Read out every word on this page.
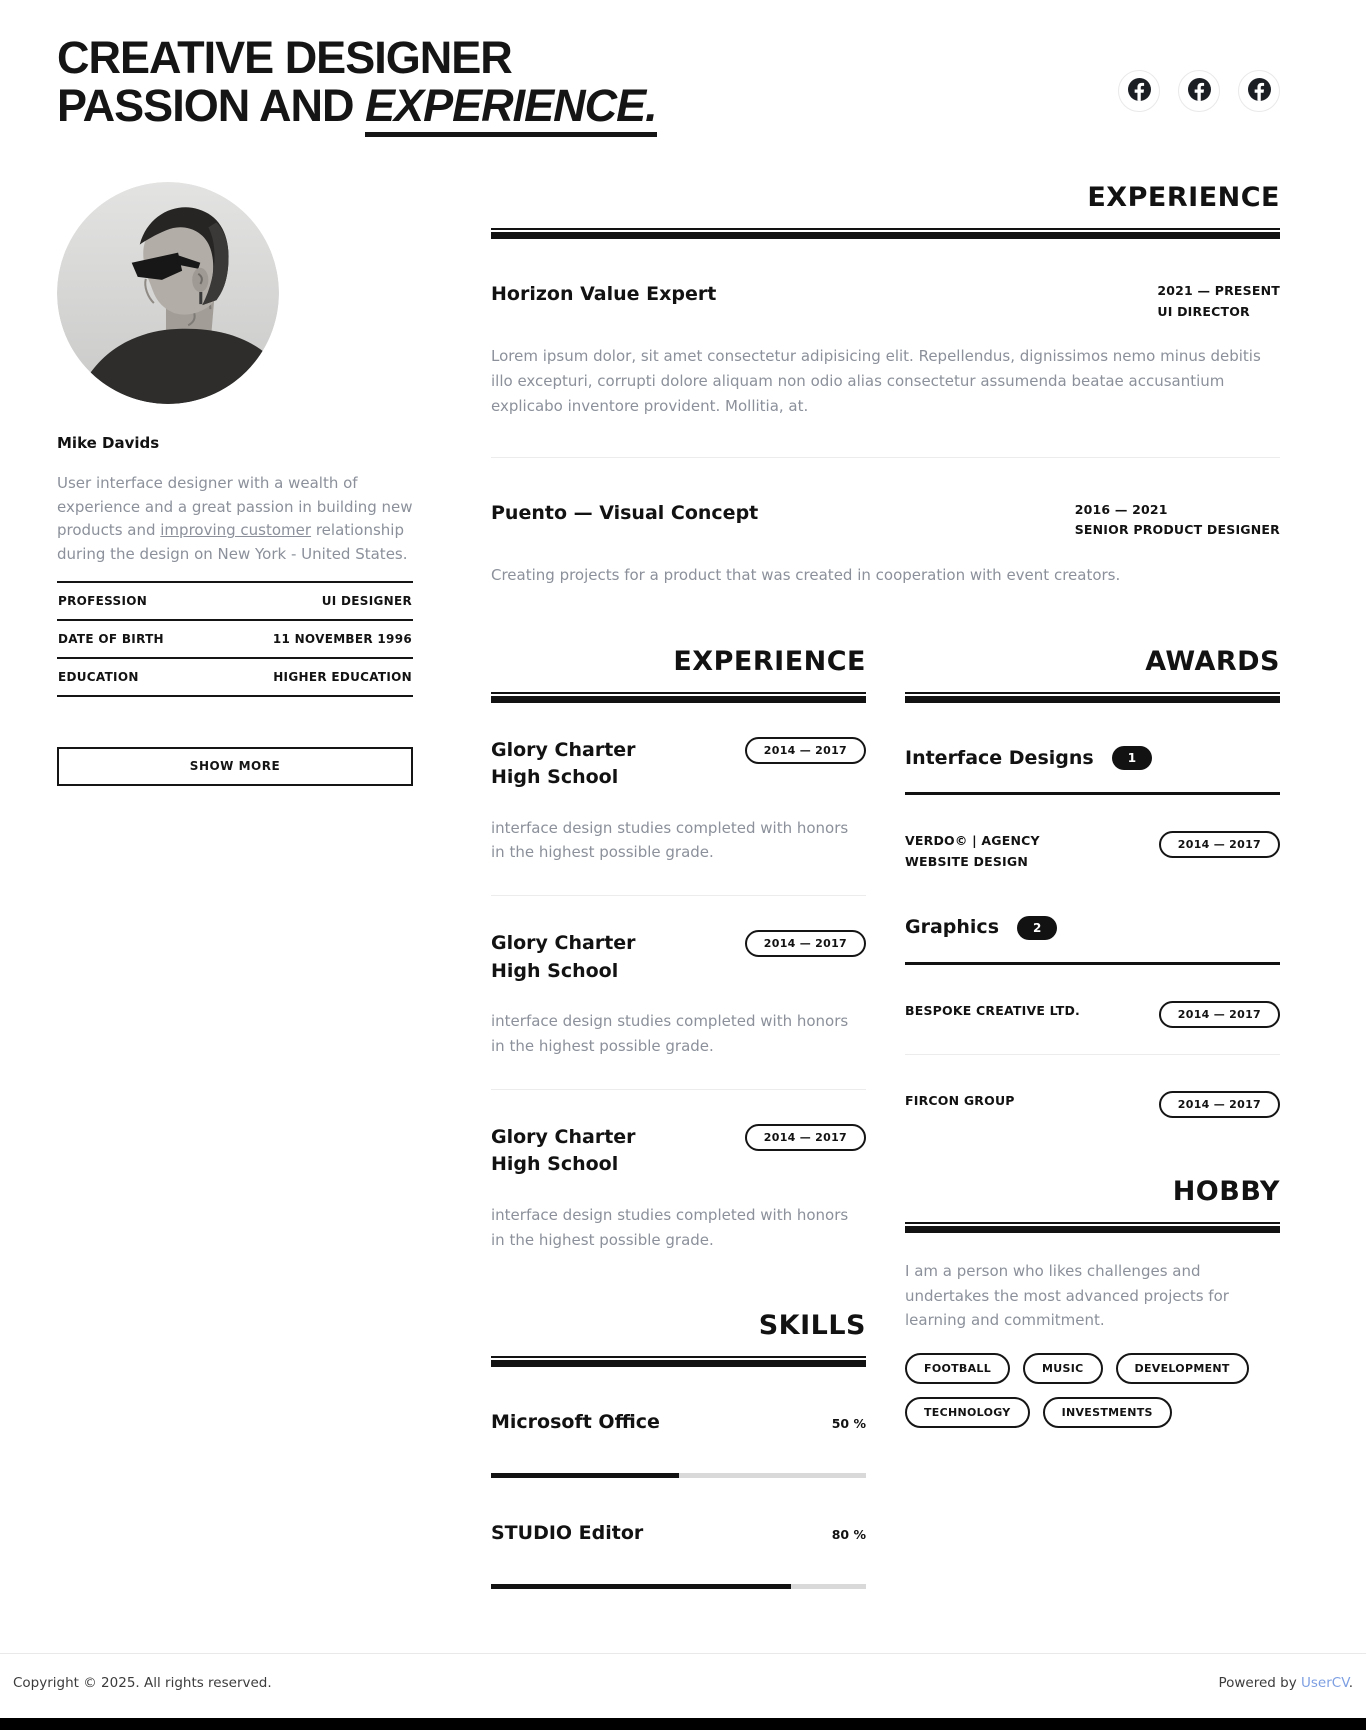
CREATIVE DESIGNER
PASSION AND EXPERIENCE.
Mike Davids

User interface designer with a wealth of experience and a great passion in building new products and improving customer relationship during the design on New York - United States.

PROFESSION	UI DESIGNER
DATE OF BIRTH	11 NOVEMBER 1996
EDUCATION	HIGHER EDUCATION
SHOW MORE
EXPERIENCE
Horizon Value Expert	2021 — PRESENT
UI DIRECTOR

Lorem ipsum dolor, sit amet consectetur adipisicing elit. Repellendus, dignissimos nemo minus debitis illo excepturi, corrupti dolore aliquam non odio alias consectetur assumenda beatae accusantium explicabo inventore provident. Mollitia, at.

Puento — Visual Concept	2016 — 2021
SENIOR PRODUCT DESIGNER

Creating projects for a product that was created in cooperation with event creators.

EXPERIENCE
Glory Charter High School
2014 — 2017

interface design studies completed with honors in the highest possible grade.

Glory Charter High School
2014 — 2017

interface design studies completed with honors in the highest possible grade.

Glory Charter High School
2014 — 2017

interface design studies completed with honors in the highest possible grade.

SKILLS
Microsoft Office	50 %
STUDIO Editor	80 %
AWARDS
Interface Designs	1
VERDO© | AGENCY WEBSITE DESIGN
2014 — 2017
Graphics	2
BESPOKE CREATIVE LTD.	2014 — 2017
FIRCON GROUP	2014 — 2017
HOBBY

I am a person who likes challenges and undertakes the most advanced projects for learning and commitment.

FOOTBALL	MUSIC	DEVELOPMENT
TECHNOLOGY	INVESTMENTS
Copyright © 2025. All rights reserved.	Powered by UserCV.
